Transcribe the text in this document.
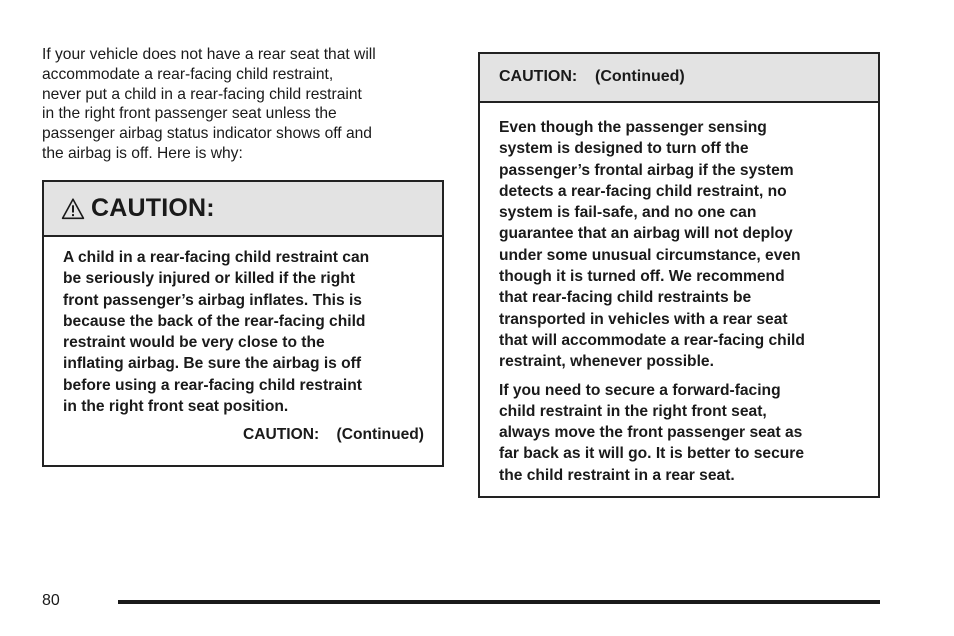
If your vehicle does not have a rear seat that will
accommodate a rear-facing child restraint,
never put a child in a rear-facing child restraint
in the right front passenger seat unless the
passenger airbag status indicator shows off and
the airbag is off. Here is why:
CAUTION:
A child in a rear-facing child restraint can
be seriously injured or killed if the right
front passenger’s airbag inflates. This is
because the back of the rear-facing child
restraint would be very close to the
inflating airbag. Be sure the airbag is off
before using a rear-facing child restraint
in the right front seat position.
CAUTION:    (Continued)
CAUTION:    (Continued)
Even though the passenger sensing
system is designed to turn off the
passenger’s frontal airbag if the system
detects a rear-facing child restraint, no
system is fail-safe, and no one can
guarantee that an airbag will not deploy
under some unusual circumstance, even
though it is turned off. We recommend
that rear-facing child restraints be
transported in vehicles with a rear seat
that will accommodate a rear-facing child
restraint, whenever possible.
If you need to secure a forward-facing
child restraint in the right front seat,
always move the front passenger seat as
far back as it will go. It is better to secure
the child restraint in a rear seat.
80
